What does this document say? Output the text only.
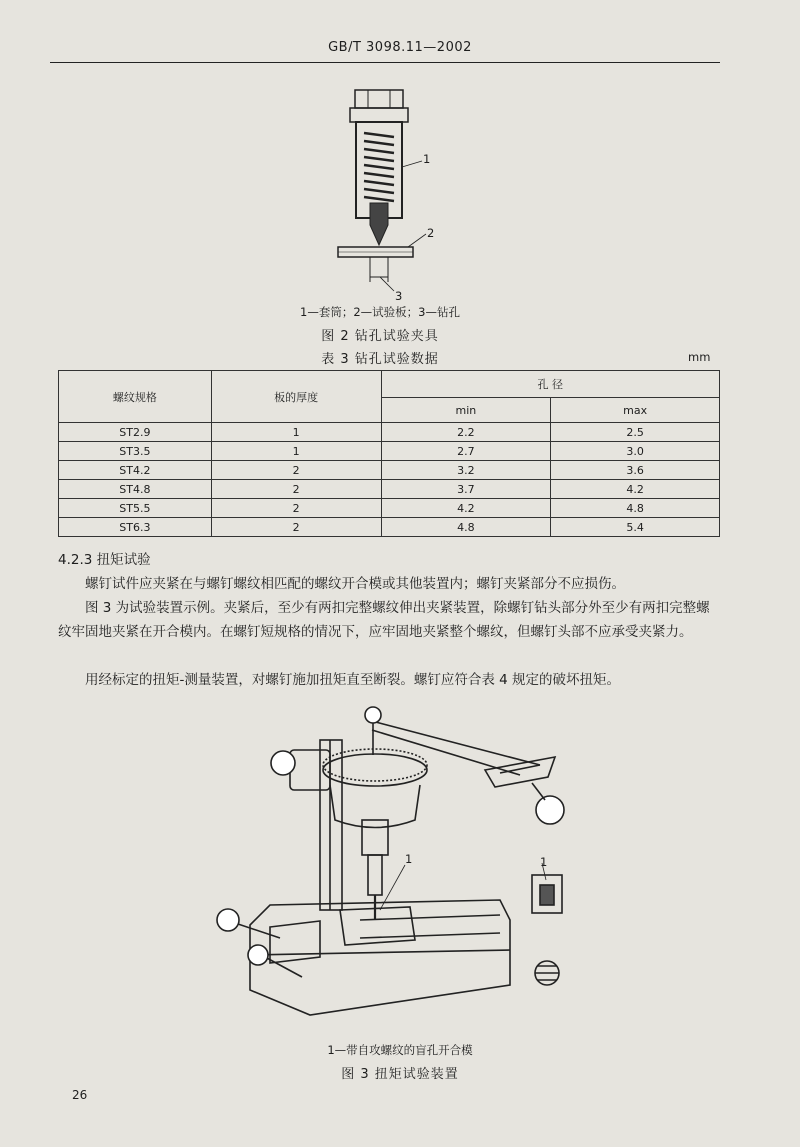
GB/T 3098.11—2002
1
2
3
1—套筒；2—试验板；3—钻孔
图 2 钻孔试验夹具
表 3 钻孔试验数据	mm
螺纹规格	板的厚度	孔 径	
		min	max
ST2.9	1	2.2	2.5
ST3.5	1	2.7	3.0
ST4.2	2	3.2	3.6
ST4.8	2	3.7	4.2
ST5.5	2	4.2	4.8
ST6.3	2	4.8	5.4
4.2.3 扭矩试验
螺钉试件应夹紧在与螺钉螺纹相匹配的螺纹开合模或其他装置内；螺钉夹紧部分不应损伤。
图 3 为试验装置示例。夹紧后，至少有两扣完整螺纹伸出夹紧装置，除螺钉钻头部分外至少有两扣完整螺纹牢固地夹紧在开合模内。在螺钉短规格的情况下，应牢固地夹紧整个螺纹，但螺钉头部不应承受夹紧力。
用经标定的扭矩-测量装置，对螺钉施加扭矩直至断裂。螺钉应符合表 4 规定的破坏扭矩。
1	1
1—带自攻螺纹的盲孔开合模
图 3 扭矩试验装置
26
